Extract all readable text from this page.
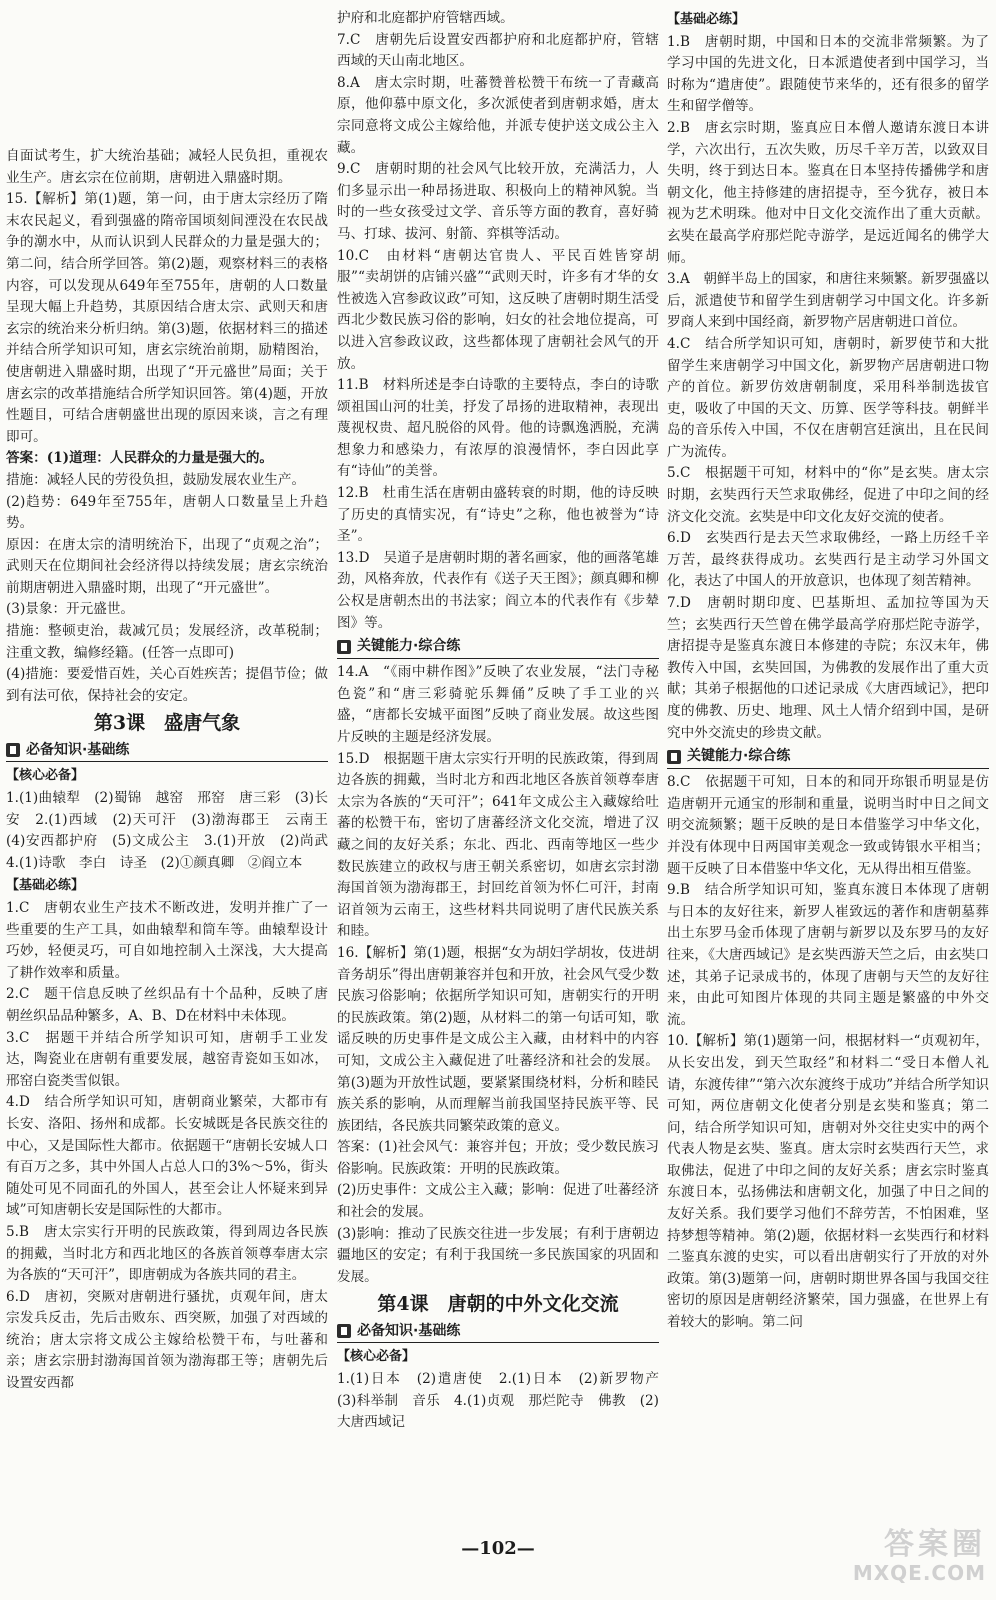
自面试考生，扩大统治基础；减轻人民负担，重视农业生产。唐玄宗在位前期，唐朝进入鼎盛时期。

15.【解析】第(1)题，第一问，由于唐太宗经历了隋末农民起义，看到强盛的隋帝国顷刻间湮没在农民战争的潮水中，从而认识到人民群众的力量是强大的；第二问，结合所学回答。第(2)题，观察材料三的表格内容，可以发现从649年至755年，唐朝的人口数量呈现大幅上升趋势，其原因结合唐太宗、武则天和唐玄宗的统治来分析归纳。第(3)题，依据材料三的描述并结合所学知识可知，唐玄宗统治前期，励精图治，使唐朝进入鼎盛时期，出现了“开元盛世”局面；关于唐玄宗的改革措施结合所学知识回答。第(4)题，开放性题目，可结合唐朝盛世出现的原因来谈，言之有理即可。

答案：(1)道理：人民群众的力量是强大的。

措施：减轻人民的劳役负担，鼓励发展农业生产。

(2)趋势：649年至755年，唐朝人口数量呈上升趋势。

原因：在唐太宗的清明统治下，出现了“贞观之治”；武则天在位期间社会经济得以持续发展；唐玄宗统治前期唐朝进入鼎盛时期，出现了“开元盛世”。

(3)景象：开元盛世。

措施：整顿吏治，裁减冗员；发展经济，改革税制；注重文教，编修经籍。(任答一点即可)

(4)措施：要爱惜百姓，关心百姓疾苦；提倡节俭；做到有法可依，保持社会的安定。

第3课　盛唐气象
必备知识·基础练
【核心必备】

1.(1)曲辕犁　(2)蜀锦　越窑　邢窑　唐三彩　(3)长安　2.(1)西域　(2)天可汗　(3)渤海郡王　云南王　(4)安西都护府　(5)文成公主　3.(1)开放　(2)尚武　4.(1)诗歌　李白　诗圣　(2)①颜真卿　②阎立本

【基础必练】

1.C　唐朝农业生产技术不断改进，发明并推广了一些重要的生产工具，如曲辕犁和筒车等。曲辕犁设计巧妙，轻便灵巧，可自如地控制入土深浅，大大提高了耕作效率和质量。

2.C　题干信息反映了丝织品有十个品种，反映了唐朝丝织品品种繁多，A、B、D在材料中未体现。

3.C　据题干并结合所学知识可知，唐朝手工业发达，陶瓷业在唐朝有重要发展，越窑青瓷如玉如冰，邢窑白瓷类雪似银。

4.D　结合所学知识可知，唐朝商业繁荣，大都市有长安、洛阳、扬州和成都。长安城既是各民族交往的中心，又是国际性大都市。依据题干“唐朝长安城人口有百万之多，其中外国人占总人口的3%～5%，街头随处可见不同面孔的外国人，甚至会让人怀疑来到异域”可知唐朝长安是国际性的大都市。

5.B　唐太宗实行开明的民族政策，得到周边各民族的拥戴，当时北方和西北地区的各族首领尊奉唐太宗为各族的“天可汗”，即唐朝成为各族共同的君主。

6.D　唐初，突厥对唐朝进行骚扰，贞观年间，唐太宗发兵反击，先后击败东、西突厥，加强了对西域的统治；唐太宗将文成公主嫁给松赞干布，与吐蕃和亲；唐玄宗册封渤海国首领为渤海郡王等；唐朝先后设置安西都

护府和北庭都护府管辖西域。

7.C　唐朝先后设置安西都护府和北庭都护府，管辖西域的天山南北地区。

8.A　唐太宗时期，吐蕃赞普松赞干布统一了青藏高原，他仰慕中原文化，多次派使者到唐朝求婚，唐太宗同意将文成公主嫁给他，并派专使护送文成公主入藏。

9.C　唐朝时期的社会风气比较开放，充满活力，人们多显示出一种昂扬进取、积极向上的精神风貌。当时的一些女孩受过文学、音乐等方面的教育，喜好骑马、打球、拔河、射箭、弈棋等活动。

10.C　由材料“唐朝达官贵人、平民百姓皆穿胡服”“卖胡饼的店铺兴盛”“武则天时，许多有才华的女性被选入宫参政议政”可知，这反映了唐朝时期生活受西北少数民族习俗的影响，妇女的社会地位提高，可以进入宫参政议政，这些都体现了唐朝社会风气的开放。

11.B　材料所述是李白诗歌的主要特点，李白的诗歌颂祖国山河的壮美，抒发了昂扬的进取精神，表现出蔑视权贵、超凡脱俗的风骨。他的诗飘逸洒脱，充满想象力和感染力，有浓厚的浪漫情怀，李白因此享有“诗仙”的美誉。

12.B　杜甫生活在唐朝由盛转衰的时期，他的诗反映了历史的真情实况，有“诗史”之称，他也被誉为“诗圣”。

13.D　吴道子是唐朝时期的著名画家，他的画落笔雄劲，风格奔放，代表作有《送子天王图》；颜真卿和柳公权是唐朝杰出的书法家；阎立本的代表作有《步辇图》等。

关键能力·综合练

14.A　“《雨中耕作图》”反映了农业发展，“法门寺秘色瓷”和“唐三彩骑驼乐舞俑”反映了手工业的兴盛，“唐都长安城平面图”反映了商业发展。故这些图片反映的主题是经济发展。

15.D　根据题干唐太宗实行开明的民族政策，得到周边各族的拥戴，当时北方和西北地区各族首领尊奉唐太宗为各族的“天可汗”；641年文成公主入藏嫁给吐蕃的松赞干布，密切了唐蕃经济文化交流，增进了汉藏之间的友好关系；东北、西北、西南等地区一些少数民族建立的政权与唐王朝关系密切，如唐玄宗封渤海国首领为渤海郡王，封回纥首领为怀仁可汗，封南诏首领为云南王，这些材料共同说明了唐代民族关系和睦。

16.【解析】第(1)题，根据“女为胡妇学胡妆，伎进胡音务胡乐”得出唐朝兼容并包和开放，社会风气受少数民族习俗影响；依据所学知识可知，唐朝实行的开明的民族政策。第(2)题，从材料二的第一句话可知，歌谣反映的历史事件是文成公主入藏，由材料中的内容可知，文成公主入藏促进了吐蕃经济和社会的发展。第(3)题为开放性试题，要紧紧围绕材料，分析和睦民族关系的影响，从而理解当前我国坚持民族平等、民族团结，各民族共同繁荣政策的意义。

答案：(1)社会风气：兼容并包；开放；受少数民族习俗影响。民族政策：开明的民族政策。

(2)历史事件：文成公主入藏；影响：促进了吐蕃经济和社会的发展。

(3)影响：推动了民族交往进一步发展；有利于唐朝边疆地区的安定；有利于我国统一多民族国家的巩固和发展。

第4课　唐朝的中外文化交流
必备知识·基础练
【核心必备】

1.(1)日本　(2)遣唐使　2.(1)日本　(2)新罗物产　(3)科举制　音乐　4.(1)贞观　那烂陀寺　佛教　(2)大唐西域记

【基础必练】

1.B　唐朝时期，中国和日本的交流非常频繁。为了学习中国的先进文化，日本派遣使者到中国学习，当时称为“遣唐使”。跟随使节来华的，还有很多的留学生和留学僧等。

2.B　唐玄宗时期，鉴真应日本僧人邀请东渡日本讲学，六次出行，五次失败，历尽千辛万苦，以致双目失明，终于到达日本。鉴真在日本坚持传播佛学和唐朝文化，他主持修建的唐招提寺，至今犹存，被日本视为艺术明珠。他对中日文化交流作出了重大贡献。玄奘在最高学府那烂陀寺游学，是远近闻名的佛学大师。

3.A　朝鲜半岛上的国家，和唐往来频繁。新罗强盛以后，派遣使节和留学生到唐朝学习中国文化。许多新罗商人来到中国经商，新罗物产居唐朝进口首位。

4.C　结合所学知识可知，唐朝时，新罗使节和大批留学生来唐朝学习中国文化，新罗物产居唐朝进口物产的首位。新罗仿效唐朝制度，采用科举制选拔官吏，吸收了中国的天文、历算、医学等科技。朝鲜半岛的音乐传入中国，不仅在唐朝宫廷演出，且在民间广为流传。

5.C　根据题干可知，材料中的“你”是玄奘。唐太宗时期，玄奘西行天竺求取佛经，促进了中印之间的经济文化交流。玄奘是中印文化友好交流的使者。

6.D　玄奘西行是去天竺求取佛经，一路上历经千辛万苦，最终获得成功。玄奘西行是主动学习外国文化，表达了中国人的开放意识，也体现了刻苦精神。

7.D　唐朝时期印度、巴基斯坦、孟加拉等国为天竺；玄奘西行天竺曾在佛学最高学府那烂陀寺游学，唐招提寺是鉴真东渡日本修建的寺院；东汉末年，佛教传入中国，玄奘回国，为佛教的发展作出了重大贡献；其弟子根据他的口述记录成《大唐西域记》，把印度的佛教、历史、地理、风土人情介绍到中国，是研究中外交流史的珍贵文献。

关键能力·综合练

8.C　依据题干可知，日本的和同开珎银币明显是仿造唐朝开元通宝的形制和重量，说明当时中日之间文明交流频繁；题干反映的是日本借鉴学习中华文化，并没有体现中日两国审美观念一致或铸银水平相当；题干反映了日本借鉴中华文化，无从得出相互借鉴。

9.B　结合所学知识可知，鉴真东渡日本体现了唐朝与日本的友好往来，新罗人崔致远的著作和唐朝墓葬出土东罗马金币体现了唐朝与新罗以及东罗马的友好往来，《大唐西域记》是玄奘西游天竺之后，由玄奘口述，其弟子记录成书的，体现了唐朝与天竺的友好往来，由此可知图片体现的共同主题是繁盛的中外交流。

10.【解析】第(1)题第一问，根据材料一“贞观初年，从长安出发，到天竺取经”和材料二“受日本僧人礼请，东渡传律”“第六次东渡终于成功”并结合所学知识可知，两位唐朝文化使者分别是玄奘和鉴真；第二问，结合所学知识可知，唐朝对外交往史实中的两个代表人物是玄奘、鉴真。唐太宗时玄奘西行天竺，求取佛法，促进了中印之间的友好关系；唐玄宗时鉴真东渡日本，弘扬佛法和唐朝文化，加强了中日之间的友好关系。我们要学习他们不辞劳苦，不怕困难，坚持梦想等精神。第(2)题，依据材料一玄奘西行和材料二鉴真东渡的史实，可以看出唐朝实行了开放的对外政策。第(3)题第一问，唐朝时期世界各国与我国交往密切的原因是唐朝经济繁荣，国力强盛，在世界上有着较大的影响。第二问

—102—	答案圈
MXQE.COM
